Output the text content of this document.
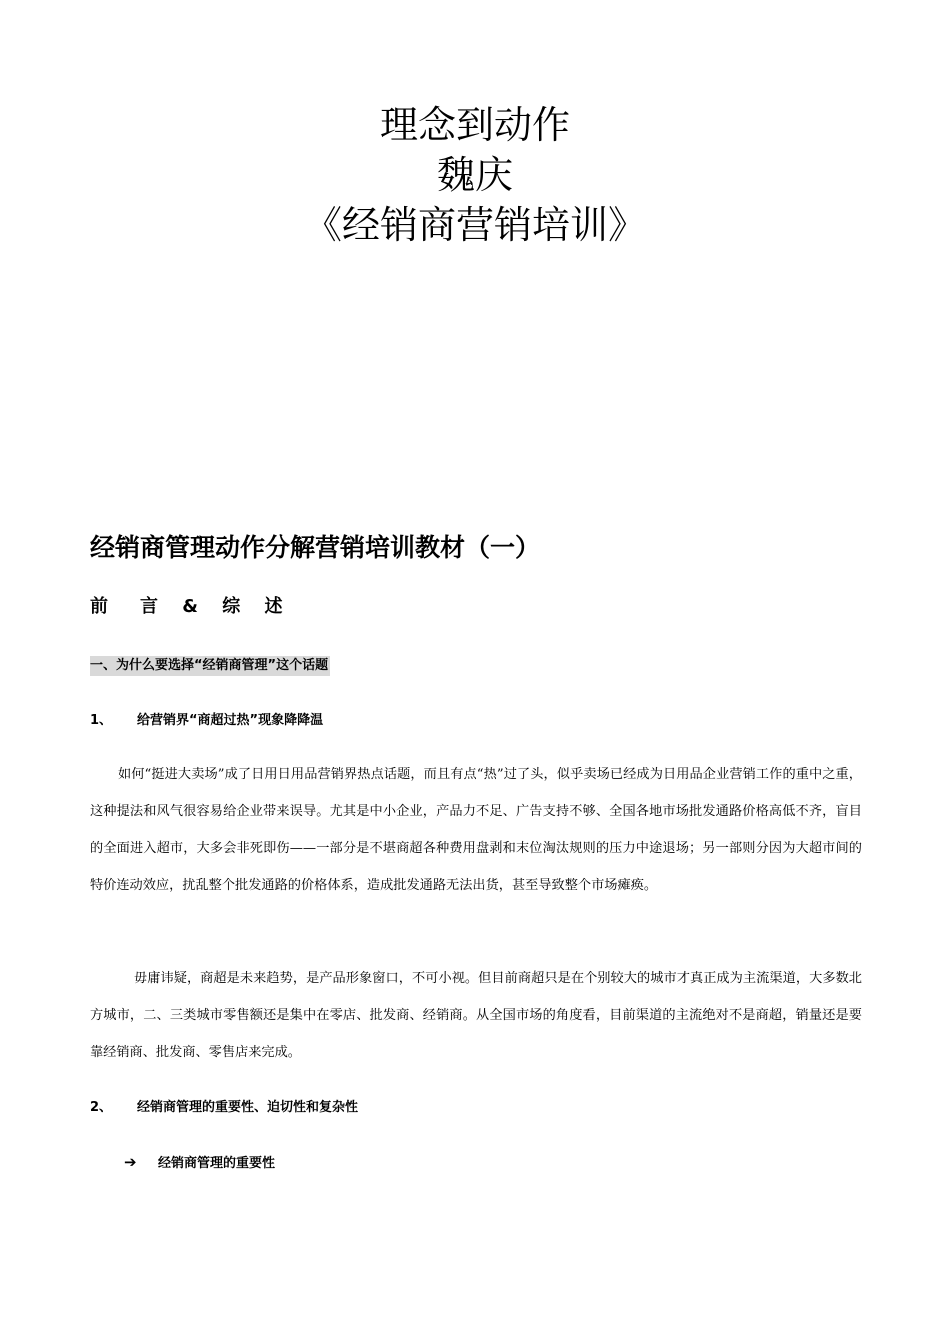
理念到动作

魏庆

《经销商营销培训》

经销商管理动作分解营销培训教材（一）
前　言 & 综 述
一、为什么要选择“经销商管理”这个话题
1、 给营销界“商超过热”现象降降温

如何“挺进大卖场”成了日用日用品营销界热点话题，而且有点“热”过了头，似乎卖场已经成为日用品企业营销工作的重中之重，这种提法和风气很容易给企业带来误导。尤其是中小企业，产品力不足、广告支持不够、全国各地市场批发通路价格高低不齐，盲目的全面进入超市，大多会非死即伤——一部分是不堪商超各种费用盘剥和末位淘汰规则的压力中途退场；另一部则分因为大超市间的特价连动效应，扰乱整个批发通路的价格体系，造成批发通路无法出货，甚至导致整个市场瘫痪。

毋庸讳疑，商超是未来趋势，是产品形象窗口，不可小视。但目前商超只是在个别较大的城市才真正成为主流渠道，大多数北方城市，二、三类城市零售额还是集中在零店、批发商、经销商。从全国市场的角度看，目前渠道的主流绝对不是商超，销量还是要靠经销商、批发商、零售店来完成。

2、 经销商管理的重要性、迫切性和复杂性
➔ 经销商管理的重要性
